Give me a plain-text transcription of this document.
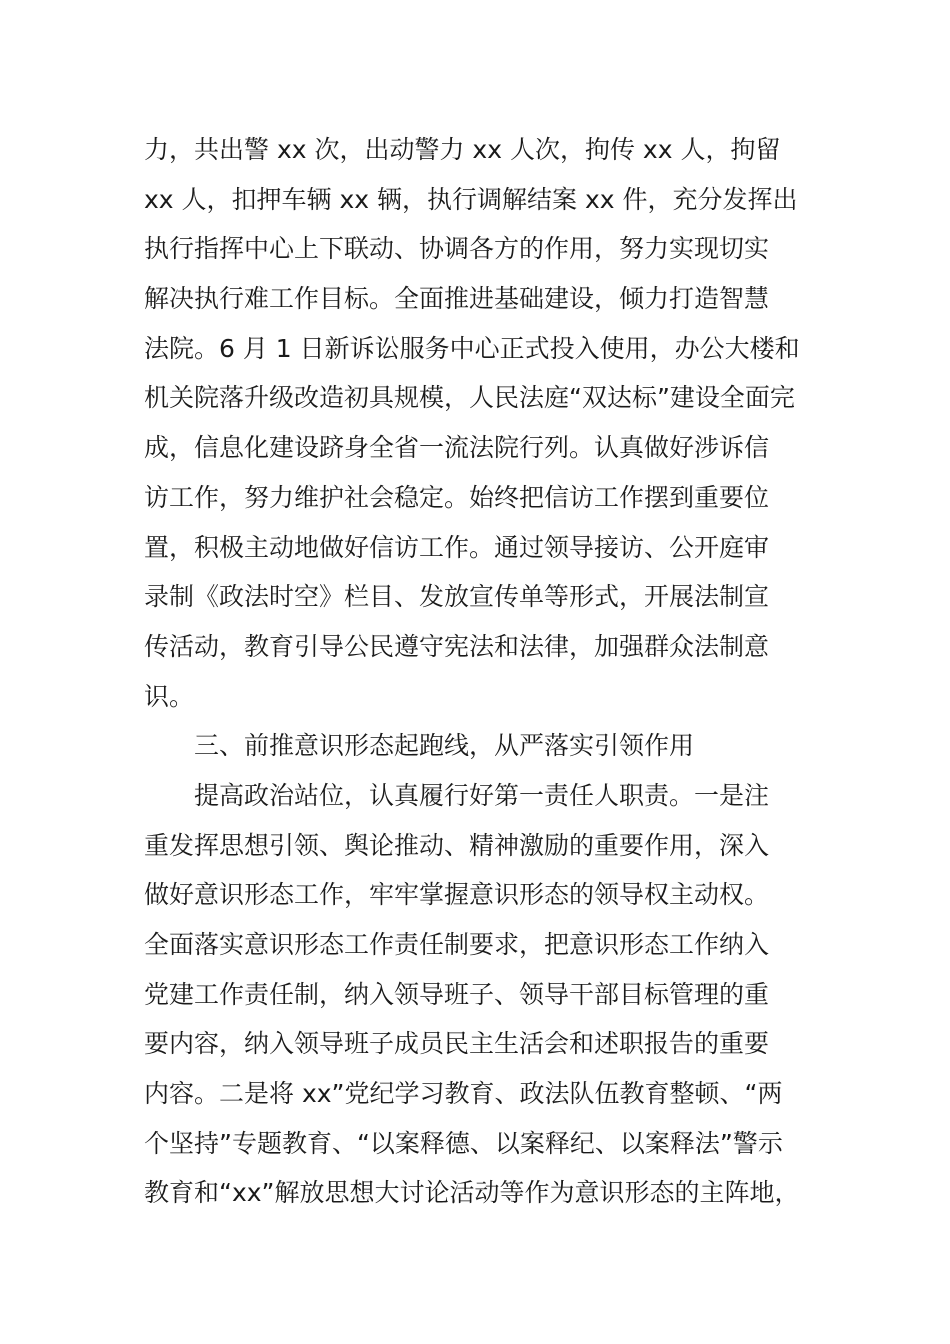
力，共出警 xx 次，出动警力 xx 人次，拘传 xx 人，拘留
xx 人，扣押车辆 xx 辆，执行调解结案 xx 件，充分发挥出
执行指挥中心上下联动、协调各方的作用，努力实现切实
解决执行难工作目标。全面推进基础建设，倾力打造智慧
法院。6 月 1 日新诉讼服务中心正式投入使用，办公大楼和
机关院落升级改造初具规模，人民法庭“双达标”建设全面完
成，信息化建设跻身全省一流法院行列。认真做好涉诉信
访工作，努力维护社会稳定。始终把信访工作摆到重要位
置，积极主动地做好信访工作。通过领导接访、公开庭审
录制《政法时空》栏目、发放宣传单等形式，开展法制宣
传活动，教育引导公民遵守宪法和法律，加强群众法制意
识。
三、前推意识形态起跑线，从严落实引领作用
提高政治站位，认真履行好第一责任人职责。一是注
重发挥思想引领、舆论推动、精神激励的重要作用，深入
做好意识形态工作，牢牢掌握意识形态的领导权主动权。
全面落实意识形态工作责任制要求，把意识形态工作纳入
党建工作责任制，纳入领导班子、领导干部目标管理的重
要内容，纳入领导班子成员民主生活会和述职报告的重要
内容。二是将 xx”党纪学习教育、政法队伍教育整顿、“两
个坚持”专题教育、“以案释德、以案释纪、以案释法”警示
教育和“xx”解放思想大讨论活动等作为意识形态的主阵地，
